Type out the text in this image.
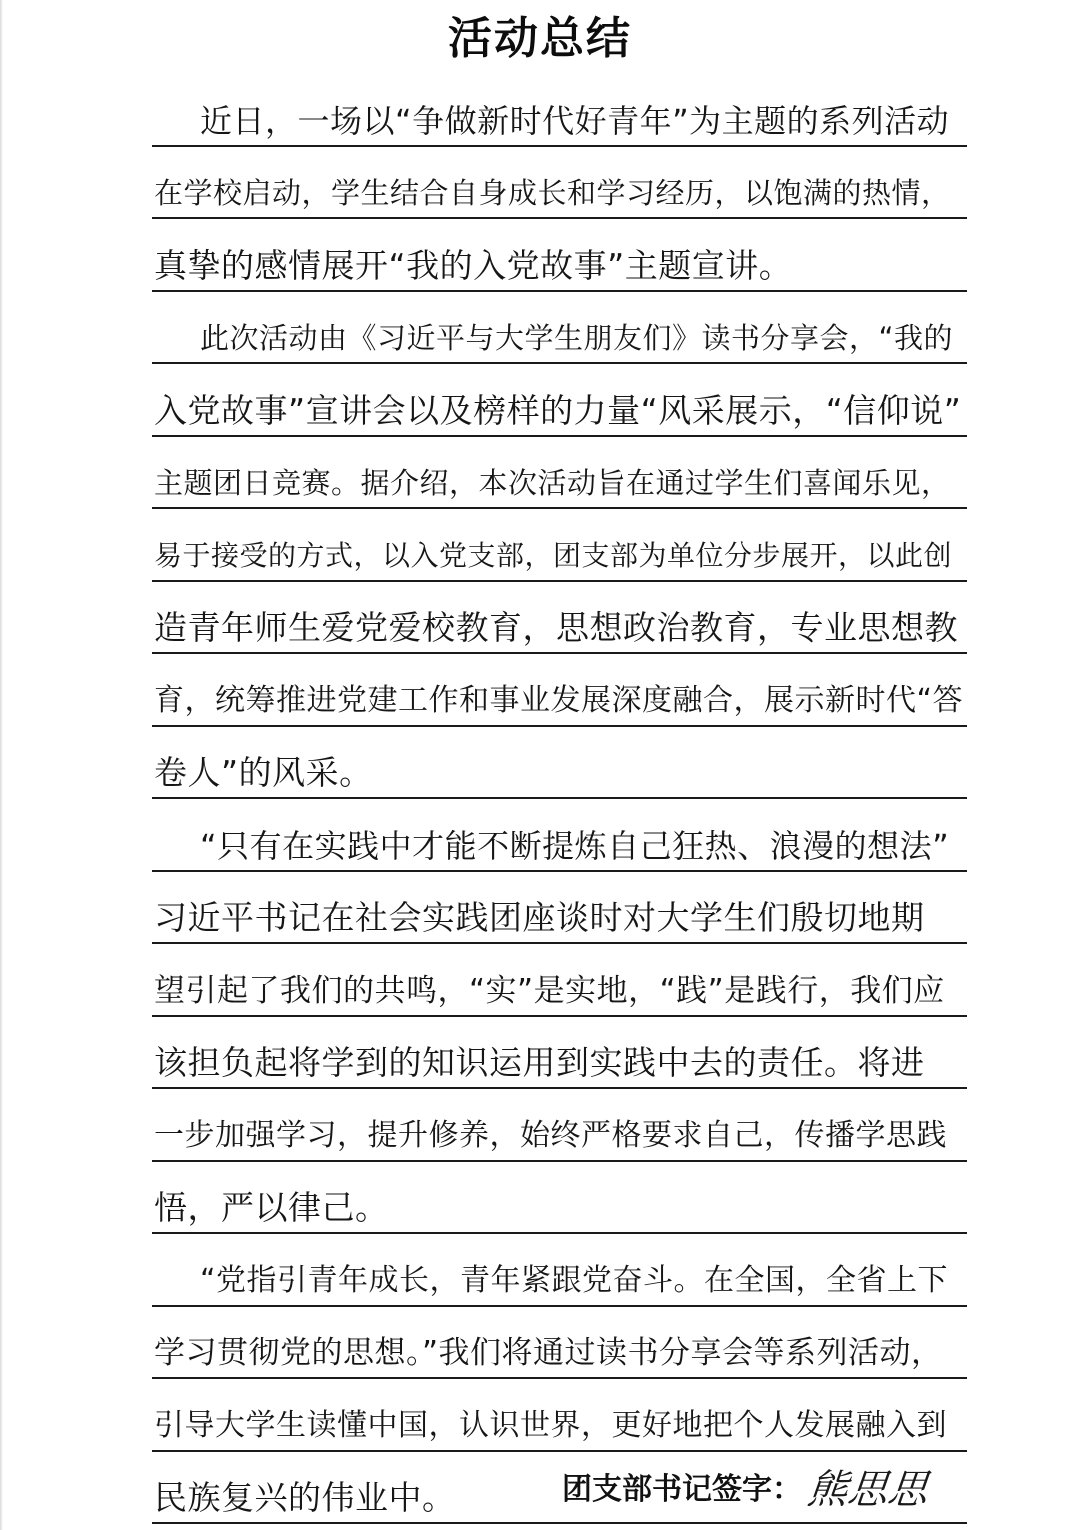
活动总结
近日，一场以“争做新时代好青年”为主题的系列活动
在学校启动，学生结合自身成长和学习经历，以饱满的热情，
真挚的感情展开“我的入党故事”主题宣讲。
此次活动由《习近平与大学生朋友们》读书分享会，“我的
入党故事”宣讲会以及榜样的力量“风采展示，“信仰说”
主题团日竞赛。据介绍，本次活动旨在通过学生们喜闻乐见，
易于接受的方式，以入党支部，团支部为单位分步展开，以此创
造青年师生爱党爱校教育，思想政治教育，专业思想教
育，统筹推进党建工作和事业发展深度融合，展示新时代“答
卷人”的风采。
“只有在实践中才能不断提炼自己狂热、浪漫的想法”
习近平书记在社会实践团座谈时对大学生们殷切地期
望引起了我们的共鸣，“实”是实地，“践”是践行，我们应
该担负起将学到的知识运用到实践中去的责任。将进
一步加强学习，提升修养，始终严格要求自己，传播学思践
悟，严以律己。
“党指引青年成长，青年紧跟党奋斗。在全国，全省上下
学习贯彻党的思想。”我们将通过读书分享会等系列活动，
引导大学生读懂中国，认识世界，更好地把个人发展融入到
民族复兴的伟业中。	团支部书记签字： 熊思思
